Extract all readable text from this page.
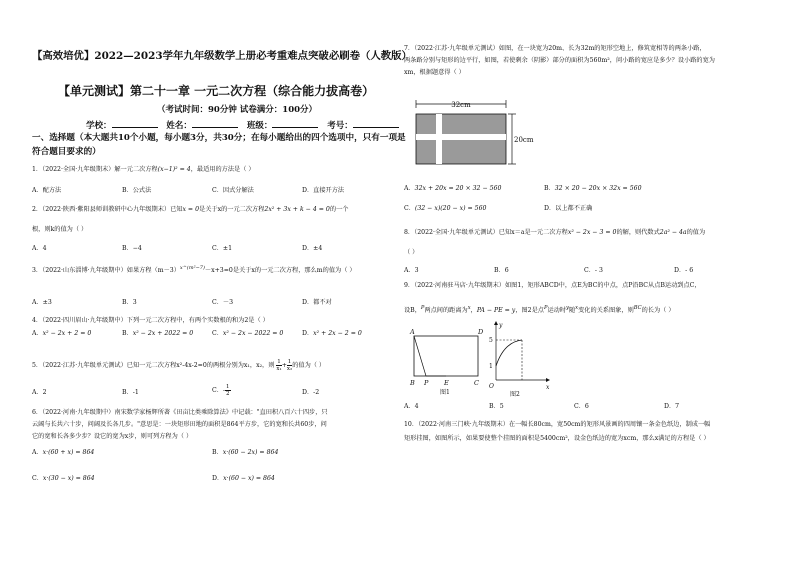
【高效培优】2022—2023学年九年级数学上册必考重难点突破必刷卷（人教版）
【单元测试】第二十一章 一元二次方程（综合能力拔高卷）
（考试时间：90分钟 试卷满分：100分）
学校：	姓名：	班级：	考号：
一、选择题（本大题共10个小题，每小题3分，共30分；在每小题给出的四个选项中，只有一项是符合题目要求的）
1．（2022·全国·九年级期末）解一元二次方程(x−1)² = 4，最适用的方法是（ ）
A．配方法	B．公式法	C．因式分解法	D．直接开方法
2．（2022·陕西·紫阳县师训教研中心九年级期末）已知x = 0是关于x的一元二次方程2x² + 3x + k − 4 = 0的一个
根，则k的值为（ ）
A．4	B．−4	C．±1	D．±4
3．（2022·山东淄博·九年级期中）如果方程$(m-3)^{x\^{}(m^2-7)}-x+3=0$是关于x的一元二次方程，那么m的值为（ ）
A．±3	B．3	C．－3	D．都不对
4．（2022·四川眉山·九年级期中）下列一元二次方程中，有两个实数根的和为2是（ ）
A．x² − 2x + 2 = 0	B．x² − 2x + 2022 = 0	C．x² − 2x − 2022 = 0	D．x² + 2x − 2 = 0
5．（2022·江苏·九年级单元测试）已知一元二次方程x²-4x-2=0的两根分别为x₁，x₂，则 $\frac{1}{\text{x₁}}+\frac{1}{\text{x₂}}$的值为（ ）
A．2	B．-1	C．$-\frac{1}{2}$	D．-2
6．（2022·河南·九年级期中）南宋数学家杨辉所著《田亩比类乘除算法》中记载："直田积八百六十四步，只
云阔与长共六十步，问阔及长各几步。"意思是：一块矩形田地的面积是864平方步，它的宽和长共60步，问
它的宽和长各多少步？设它的宽为x步，则可列方程为（ ）
A．x·(60 + x) = 864	B．x·(60 − 2x) = 864
C．x·(30 − x) = 864	D．x·(60 − x) = 864
7．（2022·江苏·九年级单元测试）如图，在一块宽为20m、长为32m的矩形空地上，修筑宽相等的两条小路，
两条路分别与矩形的边平行，如图，若使剩余（阴影）部分的面积为560m²，问小路的宽应是多少？设小路的宽为
xm，根据题意得（ ）
32cm
20cm
A．32x + 20x = 20 × 32 − 560	B．32 × 20 − 20x × 32x = 560
C．(32 − x)(20 − x) = 560	D．以上都不正确
8．（2022·全国·九年级单元测试）已知x＝a是一元二次方程x² − 2x − 3 = 0的解，则代数式2a² − 4a的值为
（ ）
A．3	B．6	C．- 3	D．- 6
9．（2022·河南驻马店·九年级期末）如图1，矩形ABCD中，点E为BC的中点，点P沿BC从点B运动到点C，
设B，$^P$两点间的距离为$^x$，PA − PE = y，图2是点$^P$运动时$^y$随$^x$变化的关系图象，则$^{BC}$的长为（ ）
A	D
B P E	C
图1
y
x
O
5
1
图2
A．4	B．5	C．6	D．7
10．（2022·河南三门峡·九年级期末）在一幅长80cm，宽50cm的矩形风景画的四周镶一条金色纸边，制成一幅
矩形挂图，如图所示，如果要使整个挂图的面积是5400cm²，设金色纸边的宽为xcm，那么x满足的方程是（ ）
